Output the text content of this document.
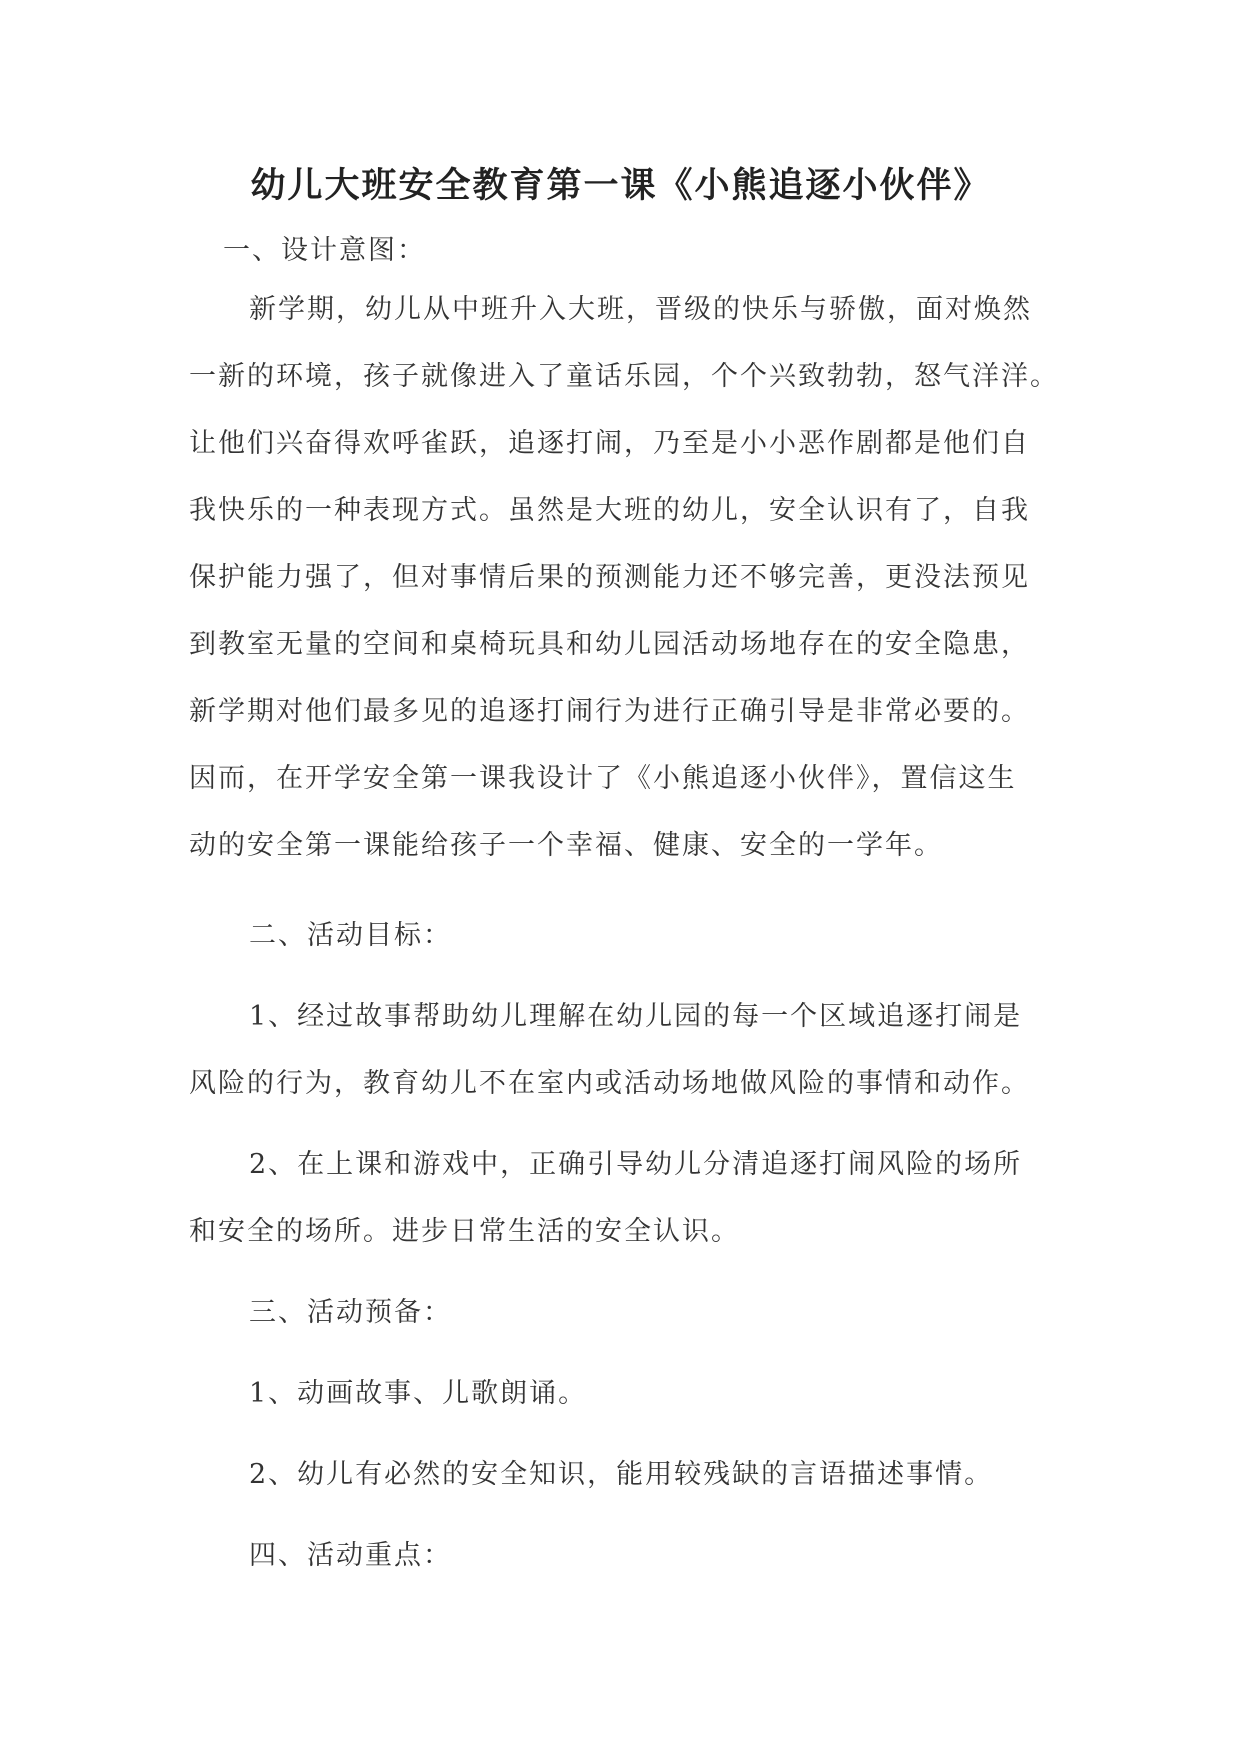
幼儿大班安全教育第一课《小熊追逐小伙伴》

一、设计意图：

新学期，幼儿从中班升入大班，晋级的快乐与骄傲，面对焕然
一新的环境，孩子就像进入了童话乐园，个个兴致勃勃，怒气洋洋。
让他们兴奋得欢呼雀跃，追逐打闹，乃至是小小恶作剧都是他们自
我快乐的一种表现方式。虽然是大班的幼儿，安全认识有了，自我
保护能力强了，但对事情后果的预测能力还不够完善，更没法预见
到教室无量的空间和桌椅玩具和幼儿园活动场地存在的安全隐患，
新学期对他们最多见的追逐打闹行为进行正确引导是非常必要的。
因而，在开学安全第一课我设计了《小熊追逐小伙伴》，置信这生
动的安全第一课能给孩子一个幸福、健康、安全的一学年。

二、活动目标：

1、经过故事帮助幼儿理解在幼儿园的每一个区域追逐打闹是
风险的行为，教育幼儿不在室内或活动场地做风险的事情和动作。

2、在上课和游戏中，正确引导幼儿分清追逐打闹风险的场所
和安全的场所。进步日常生活的安全认识。

三、活动预备：

1、动画故事、儿歌朗诵。

2、幼儿有必然的安全知识，能用较残缺的言语描述事情。

四、活动重点：
